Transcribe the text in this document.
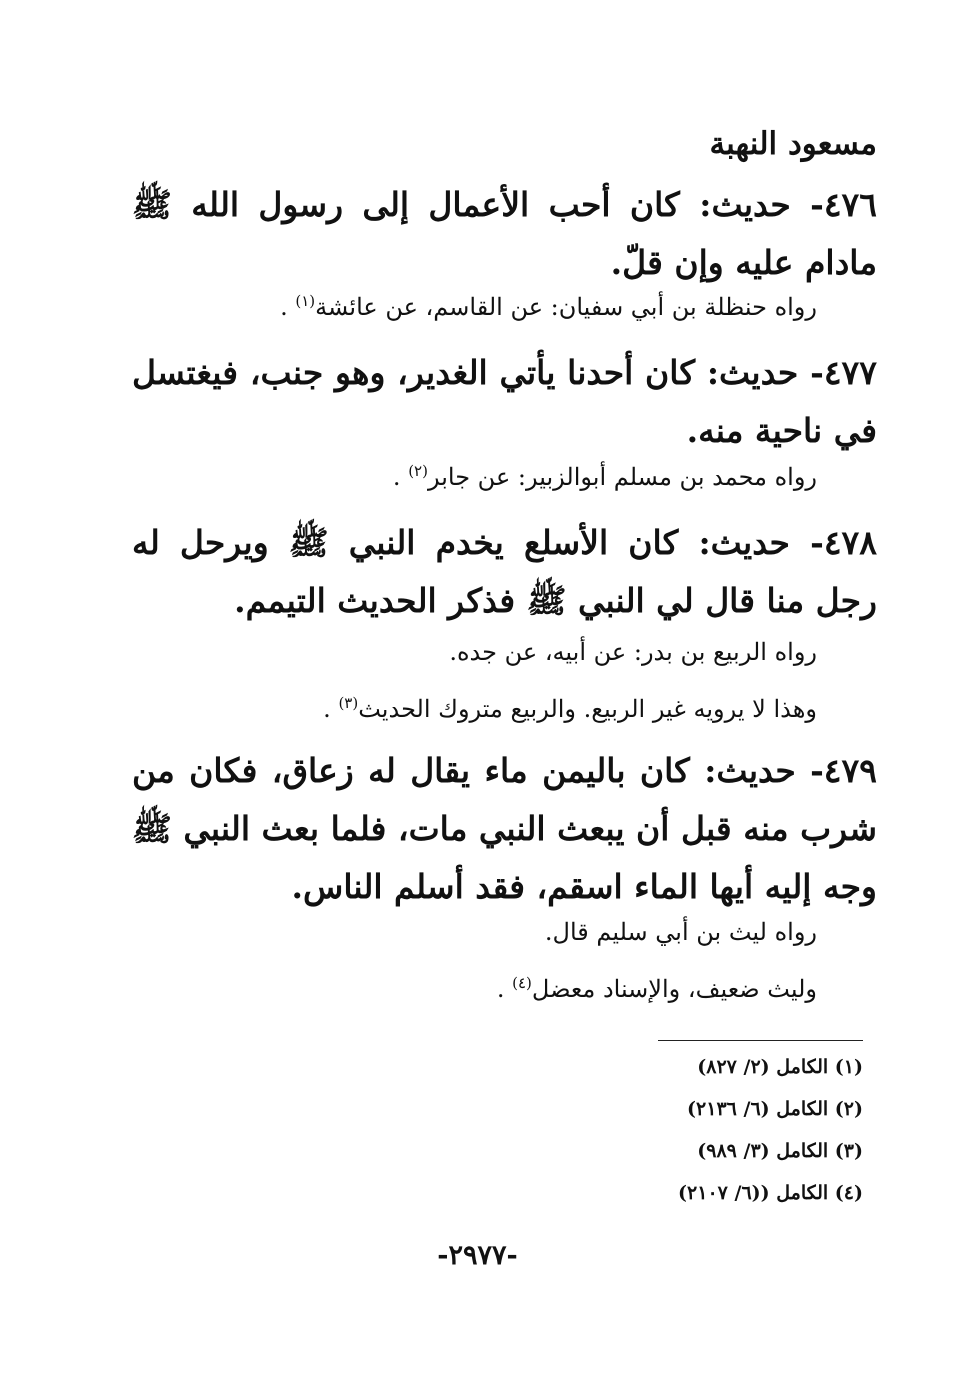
مسعود النهبة
٤٧٦- حديث: كان أحب الأعمال إلى رسول الله ﷺ مادام عليه وإن قلّ.
رواه حنظلة بن أبي سفيان: عن القاسم، عن عائشة$^{(١)}$ .
٤٧٧- حديث: كان أحدنا يأتي الغدير، وهو جنب، فيغتسل في ناحية منه.
رواه محمد بن مسلم أبوالزبير: عن جابر$^{(٢)}$ .
٤٧٨- حديث: كان الأسلع يخدم النبي ﷺ ويرحل له رجل منا قال لي النبي ﷺ فذكر الحديث التيمم.
رواه الربيع بن بدر: عن أبيه، عن جده.
وهذا لا يرويه غير الربيع. والربيع متروك الحديث$^{(٣)}$ .
٤٧٩- حديث: كان باليمن ماء يقال له زعاق، فكان من شرب منه قبل أن يبعث النبي مات، فلما بعث النبي ﷺ وجه إليه أيها الماء اسقم، فقد أسلم الناس.
رواه ليث بن أبي سليم قال.
وليث ضعيف، والإسناد معضل$^{(٤)}$ .
(١) الكامل (٢/ ٨٢٧)
(٢) الكامل (٦/ ٢١٣٦)
(٣) الكامل (٣/ ٩٨٩)
(٤) الكامل ((٦/ ٢١٠٧)
-٢٩٧٧-
